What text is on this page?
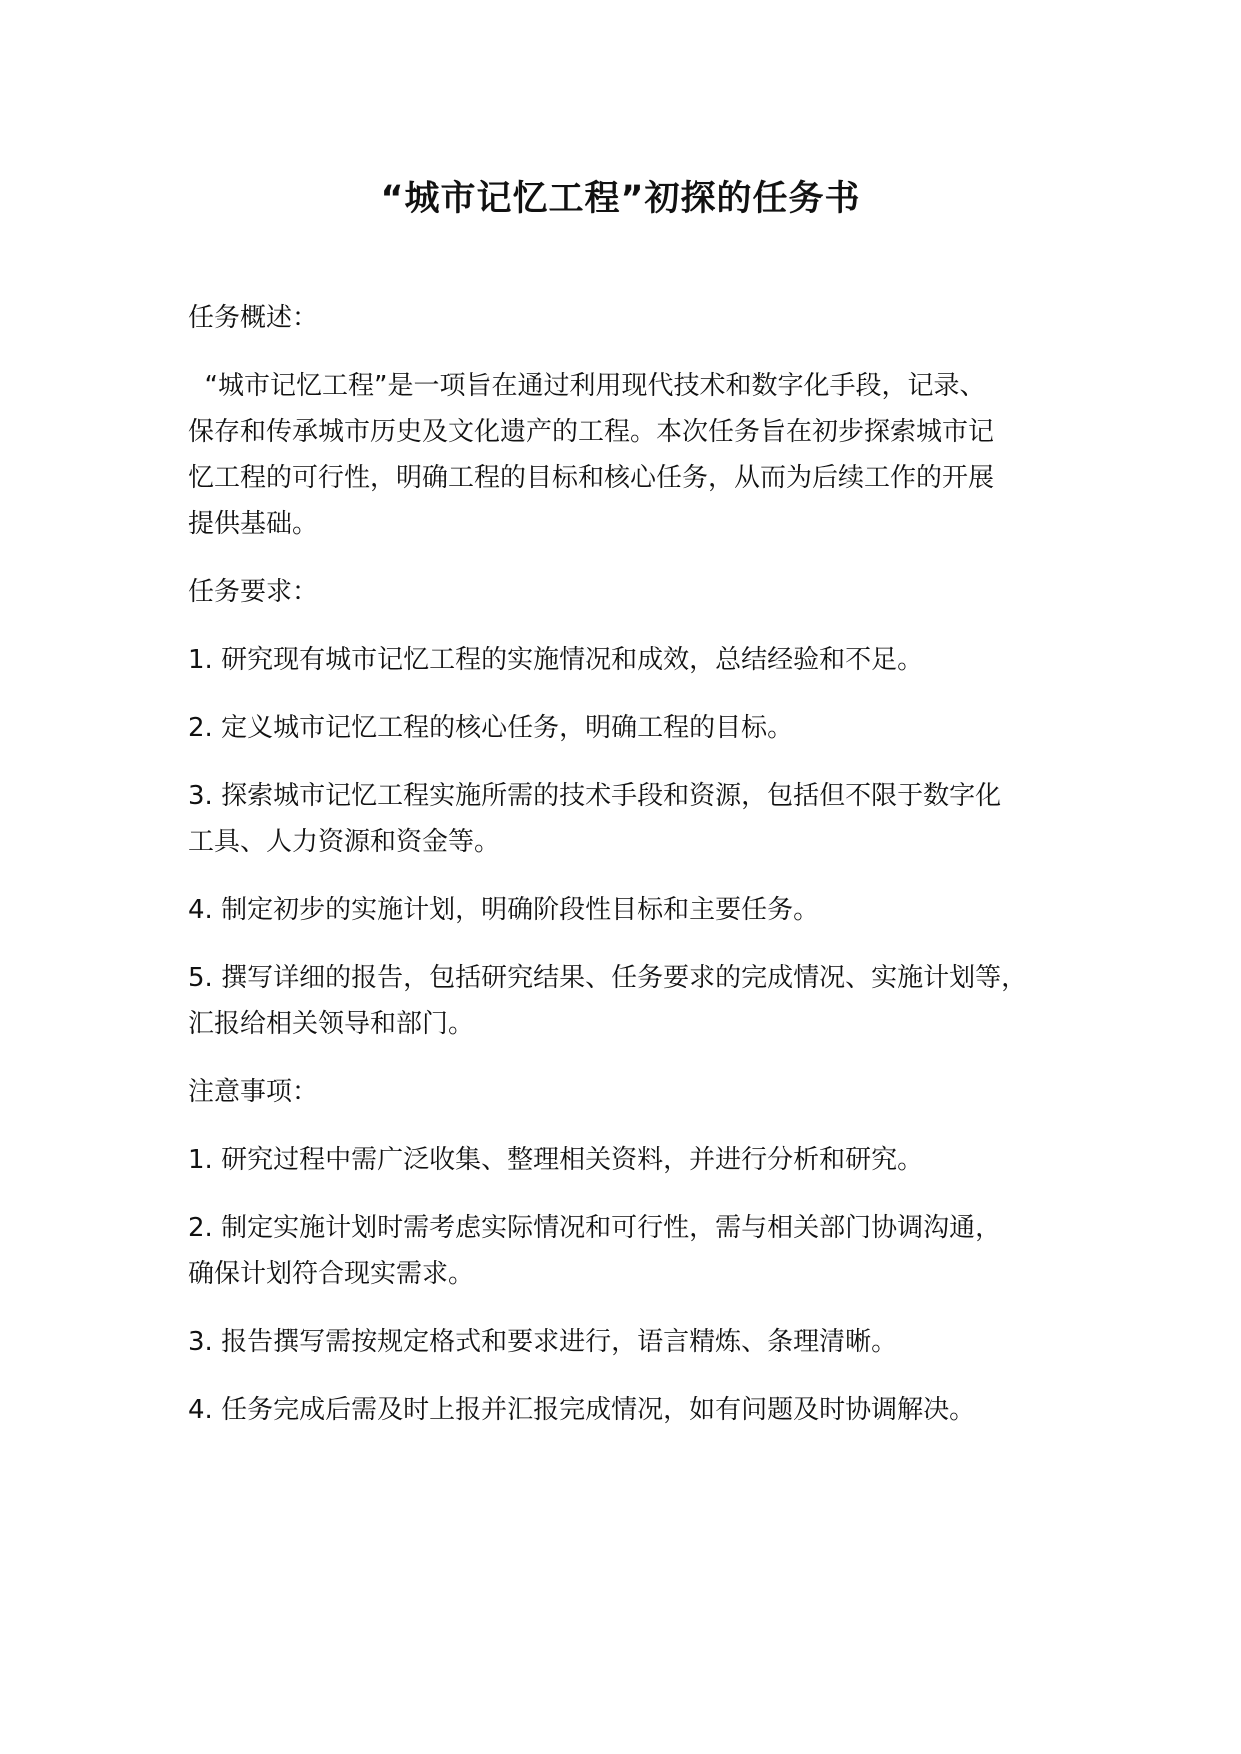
“城市记忆工程”初探的任务书
任务概述：
“城市记忆工程”是一项旨在通过利用现代技术和数字化手段，记录、
保存和传承城市历史及文化遗产的工程。本次任务旨在初步探索城市记
忆工程的可行性，明确工程的目标和核心任务，从而为后续工作的开展
提供基础。
任务要求：
1. 研究现有城市记忆工程的实施情况和成效，总结经验和不足。
2. 定义城市记忆工程的核心任务，明确工程的目标。
3. 探索城市记忆工程实施所需的技术手段和资源，包括但不限于数字化
工具、人力资源和资金等。
4. 制定初步的实施计划，明确阶段性目标和主要任务。
5. 撰写详细的报告，包括研究结果、任务要求的完成情况、实施计划等，
汇报给相关领导和部门。
注意事项：
1. 研究过程中需广泛收集、整理相关资料，并进行分析和研究。
2. 制定实施计划时需考虑实际情况和可行性，需与相关部门协调沟通，
确保计划符合现实需求。
3. 报告撰写需按规定格式和要求进行，语言精炼、条理清晰。
4. 任务完成后需及时上报并汇报完成情况，如有问题及时协调解决。
